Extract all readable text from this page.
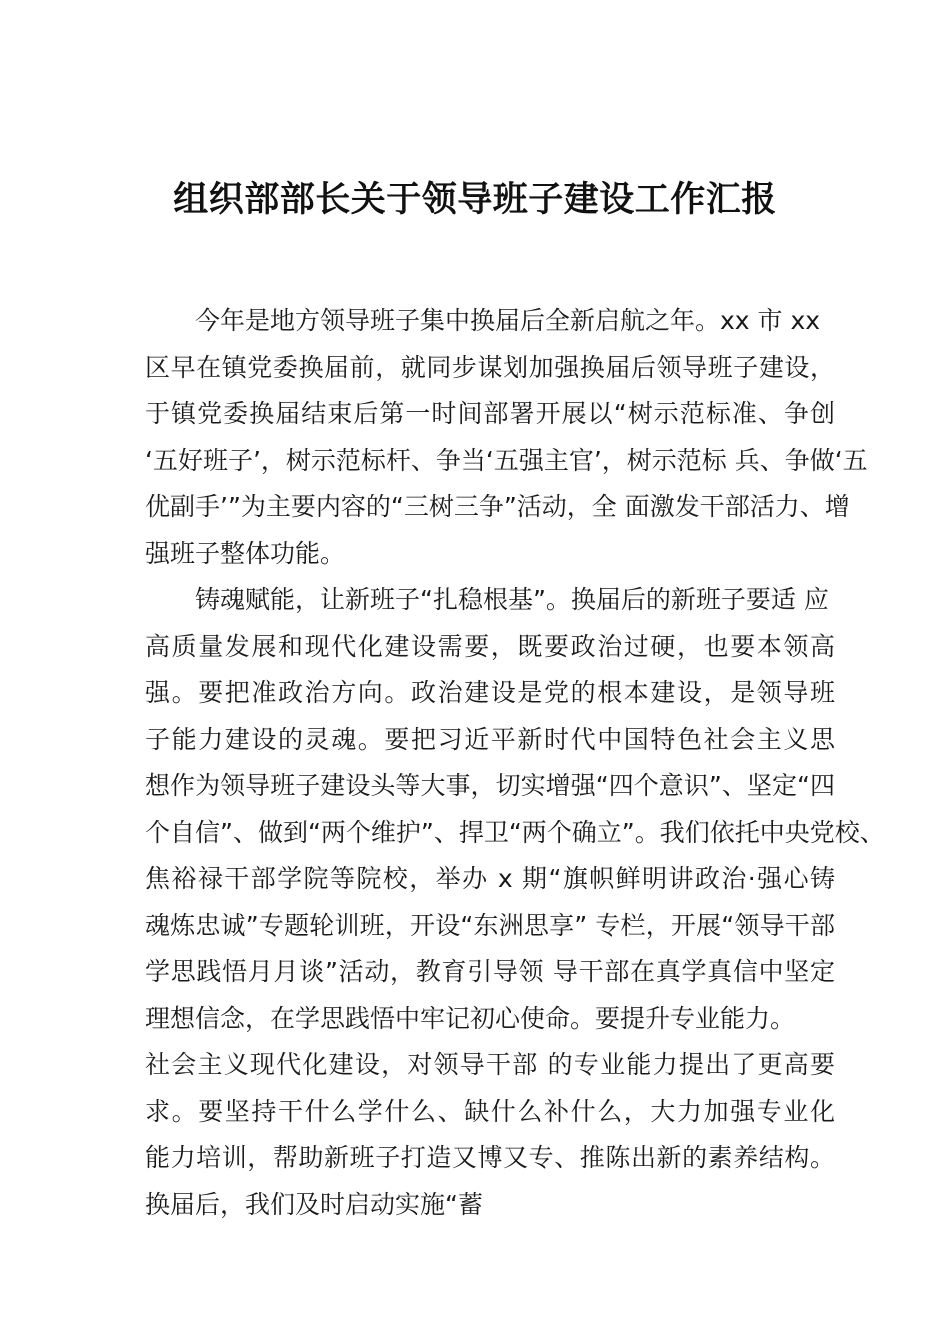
组织部部长关于领导班子建设工作汇报
今年是地方领导班子集中换届后全新启航之年。xx 市 xx
区早在镇党委换届前，就同步谋划加强换届后领导班子建设，
于镇党委换届结束后第一时间部署开展以“树示范标准、争创
‘五好班子’，树示范标杆、争当‘五强主官’，树示范标 兵、争做‘五
优副手’”为主要内容的“三树三争”活动，全 面激发干部活力、增
强班子整体功能。
铸魂赋能，让新班子“扎稳根基”。换届后的新班子要适 应
高质量发展和现代化建设需要，既要政治过硬，也要本领高
强。要把准政治方向。政治建设是党的根本建设，是领导班
子能力建设的灵魂。要把习近平新时代中国特色社会主义思
想作为领导班子建设头等大事，切实增强“四个意识”、坚定“四
个自信”、做到“两个维护”、捍卫“两个确立”。我们依托中央党校、
焦裕禄干部学院等院校，举办 x 期“旗帜鲜明讲政治·强心铸
魂炼忠诚”专题轮训班，开设“东洲思享” 专栏，开展“领导干部
学思践悟月月谈”活动，教育引导领 导干部在真学真信中坚定
理想信念，在学思践悟中牢记初心使命。要提升专业能力。
社会主义现代化建设，对领导干部 的专业能力提出了更高要
求。要坚持干什么学什么、缺什么补什么，大力加强专业化
能力培训，帮助新班子打造又博又专、推陈出新的素养结构。
换届后，我们及时启动实施“蓄
